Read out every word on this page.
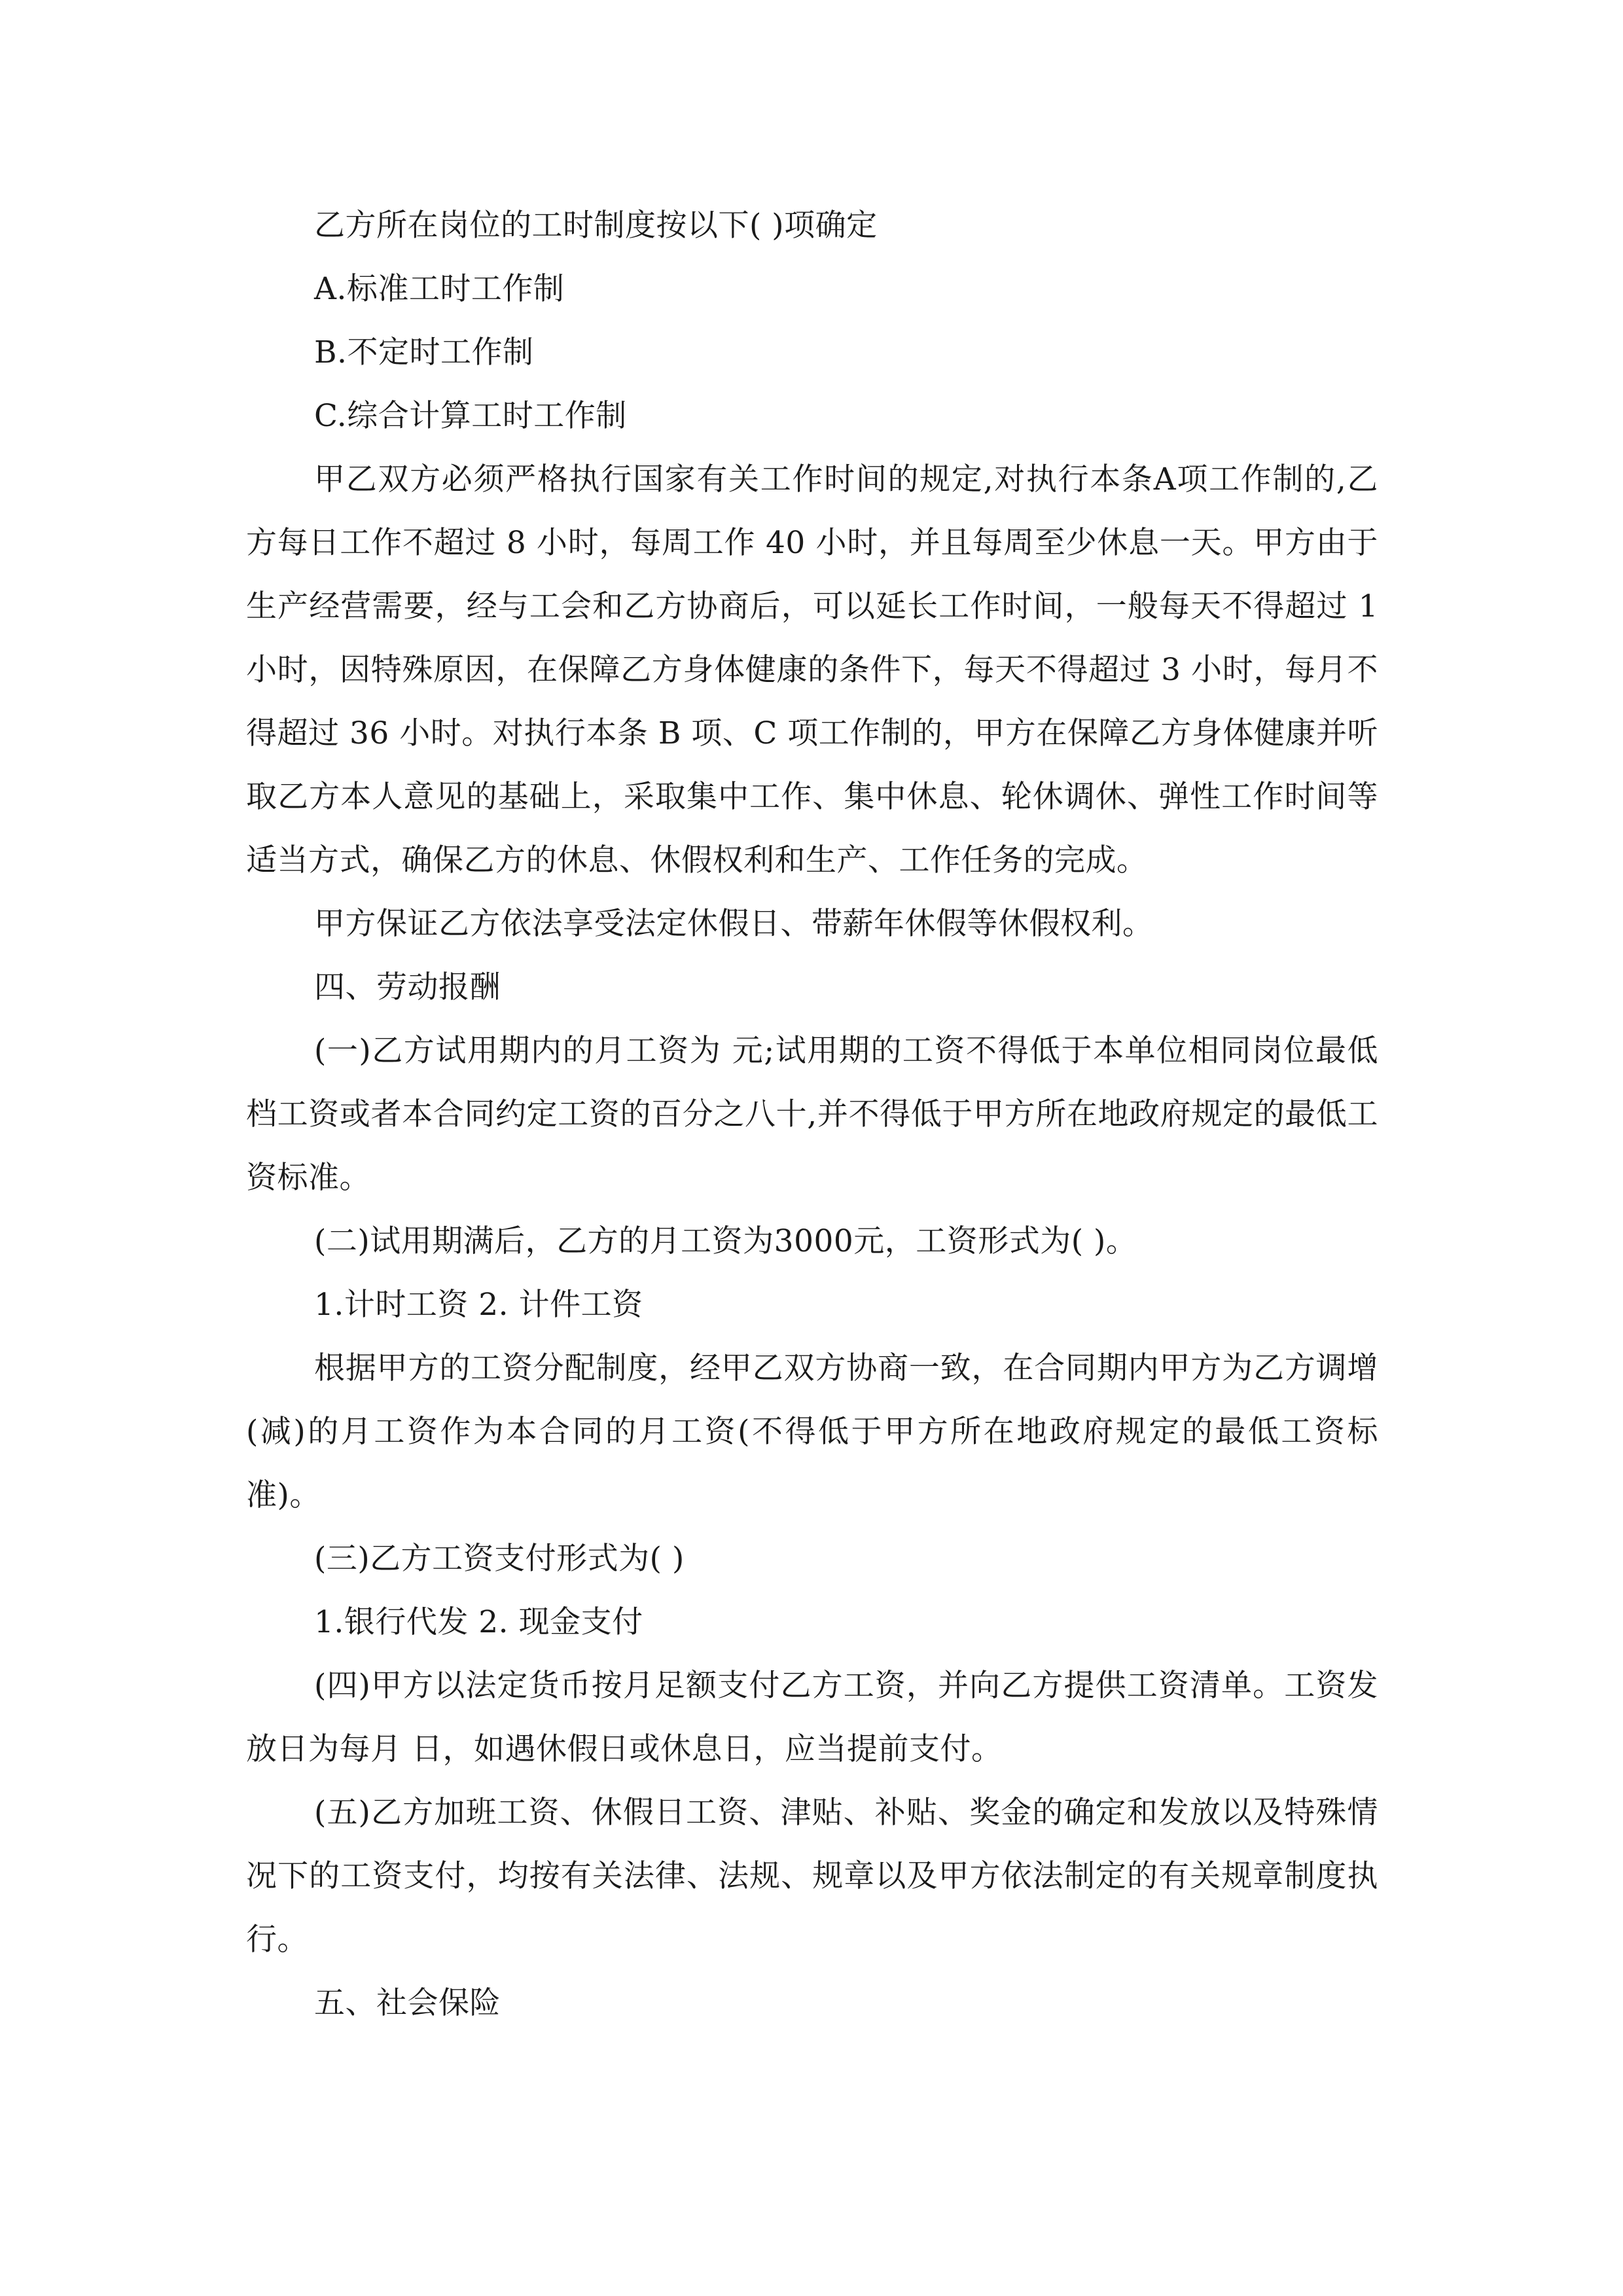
乙方所在岗位的工时制度按以下( )项确定

A.标准工时工作制

B.不定时工作制

C.综合计算工时工作制

甲乙双方必须严格执行国家有关工作时间的规定,对执行本条A项工作制的,乙方每日工作不超过 8 小时，每周工作 40 小时，并且每周至少休息一天。甲方由于生产经营需要，经与工会和乙方协商后，可以延长工作时间，一般每天不得超过 1 小时，因特殊原因，在保障乙方身体健康的条件下，每天不得超过 3 小时，每月不得超过 36 小时。对执行本条 B 项、C 项工作制的，甲方在保障乙方身体健康并听取乙方本人意见的基础上，采取集中工作、集中休息、轮休调休、弹性工作时间等适当方式，确保乙方的休息、休假权利和生产、工作任务的完成。

甲方保证乙方依法享受法定休假日、带薪年休假等休假权利。

四、劳动报酬

(一)乙方试用期内的月工资为 元;试用期的工资不得低于本单位相同岗位最低档工资或者本合同约定工资的百分之八十,并不得低于甲方所在地政府规定的最低工资标准。

(二)试用期满后，乙方的月工资为3000元，工资形式为( )。

1.计时工资 2. 计件工资

根据甲方的工资分配制度，经甲乙双方协商一致，在合同期内甲方为乙方调增(减)的月工资作为本合同的月工资(不得低于甲方所在地政府规定的最低工资标准)。

(三)乙方工资支付形式为( )

1.银行代发 2. 现金支付

(四)甲方以法定货币按月足额支付乙方工资，并向乙方提供工资清单。工资发放日为每月 日，如遇休假日或休息日，应当提前支付。

(五)乙方加班工资、休假日工资、津贴、补贴、奖金的确定和发放以及特殊情况下的工资支付，均按有关法律、法规、规章以及甲方依法制定的有关规章制度执行。

五、社会保险
